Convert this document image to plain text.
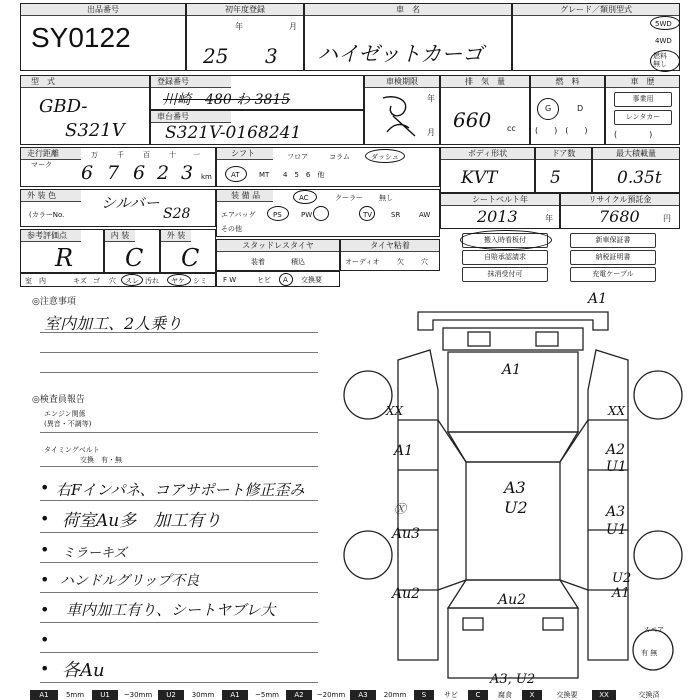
出品番号
SY0122
初年度登録
年	月
25 3
車　名
ハイゼットカーゴ
グレード／類別型式
5WD
4WD
燃料
無し
型　式
GBD-
S321V
登録番号
川崎　480 わ 3815
車台番号
S321V-0168241
車検期限
年
月
排　気　量
660 cc
燃　料
G	D
(　　)　(　　)
車　歴
事業用
レンタカー
(　　　　)
走行距離
マーク
万	千	百	十 一
6 7 6 2 3 km
シフト	フロア	コラム	ダッシュ
AT	MT 4　5　6　他
ボディ形状
KVT
ドア数
5
最大積載量
0.35t
外 装 色
(カラーNo.
シルバー
S28
装 備 品	AC	クーラー 無し
エアバッグ	PS	PW	TV	SR	AW
その他
シートベルト年
2013	年
リサイクル預託金
7680	円
参考評価点
R
内 装
C
外 装
C	スタッドレスタイヤ
装着	積込
タイヤ粘着
オーディオ	欠 穴
室　内	キズ ゴ 穴 スレ 汚れ ヤケ シミ F W	ヒビ A 交換要
搬入時看板付	新車保証書
自賠承認請求	納税証明書
抹消受付可	充電ケーブル
◎注意事項
室内加工、2人乗り
◎検査員報告
エンジン関係
(異音・不調等)
タイミングベルト
交換　有・無
• 右Fインパネ、コアサポート修正歪み
• 荷室Au多　加工有り
• ミラーキズ
• ハンドルグリップ不良
• 車内加工有り、シートヤブレ大
•
• 各Au
A1
A1
A1
XX	XX
A2
U1
A3
U2
Ⓧ
Au3
A3
U1
Au2
U2
A1
Au2
A3, U2
スペア
有 無
A1	5mm	U1	~30mm	U2	30mm	A1	~5mm	A2	~20mm	A3	20mm	S	サビ	C	腐食	X	交換要	XX	交換済
